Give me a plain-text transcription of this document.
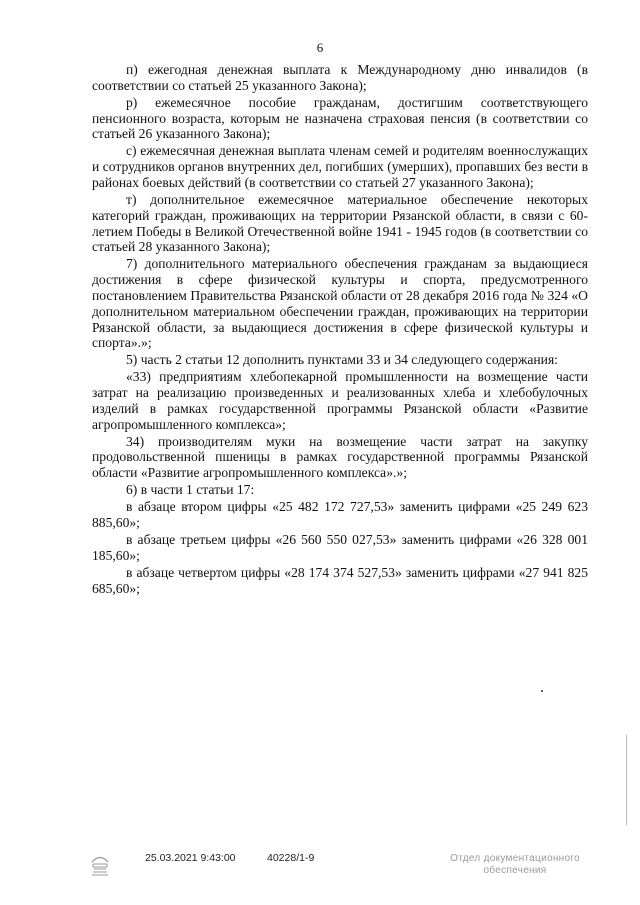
6

п) ежегодная денежная выплата к Международному дню инвалидов (в соответствии со статьей 25 указанного Закона);

р) ежемесячное пособие гражданам, достигшим соответствующего пенсионного возраста, которым не назначена страховая пенсия (в соответствии со статьей 26 указанного Закона);

с) ежемесячная денежная выплата членам семей и родителям военнослужащих и сотрудников органов внутренних дел, погибших (умерших), пропавших без вести в районах боевых действий (в соответствии со статьей 27 указанного Закона);

т) дополнительное ежемесячное материальное обеспечение некоторых категорий граждан, проживающих на территории Рязанской области, в связи с 60-летием Победы в Великой Отечественной войне 1941 - 1945 годов (в соответствии со статьей 28 указанного Закона);

7) дополнительного материального обеспечения гражданам за выдающиеся достижения в сфере физической культуры и спорта, предусмотренного постановлением Правительства Рязанской области от 28 декабря 2016 года № 324 «О дополнительном материальном обеспечении граждан, проживающих на территории Рязанской области, за выдающиеся достижения в сфере физической культуры и спорта».»;

5) часть 2 статьи 12 дополнить пунктами 33 и 34 следующего содержания:

«33) предприятиям хлебопекарной промышленности на возмещение части затрат на реализацию произведенных и реализованных хлеба и хлебобулочных изделий в рамках государственной программы Рязанской области «Развитие агропромышленного комплекса»;

34) производителям муки на возмещение части затрат на закупку продовольственной пшеницы в рамках государственной программы Рязанской области «Развитие агропромышленного комплекса».»;

6) в части 1 статьи 17:

в абзаце втором цифры «25 482 172 727,53» заменить цифрами «25 249 623 885,60»;

в абзаце третьем цифры «26 560 550 027,53» заменить цифрами «26 328 001 185,60»;

в абзаце четвертом цифры «28 174 374 527,53» заменить цифрами «27 941 825 685,60»;

25.03.2021 9:43:00	40228/1-9	Отдел документационного обеспечения
